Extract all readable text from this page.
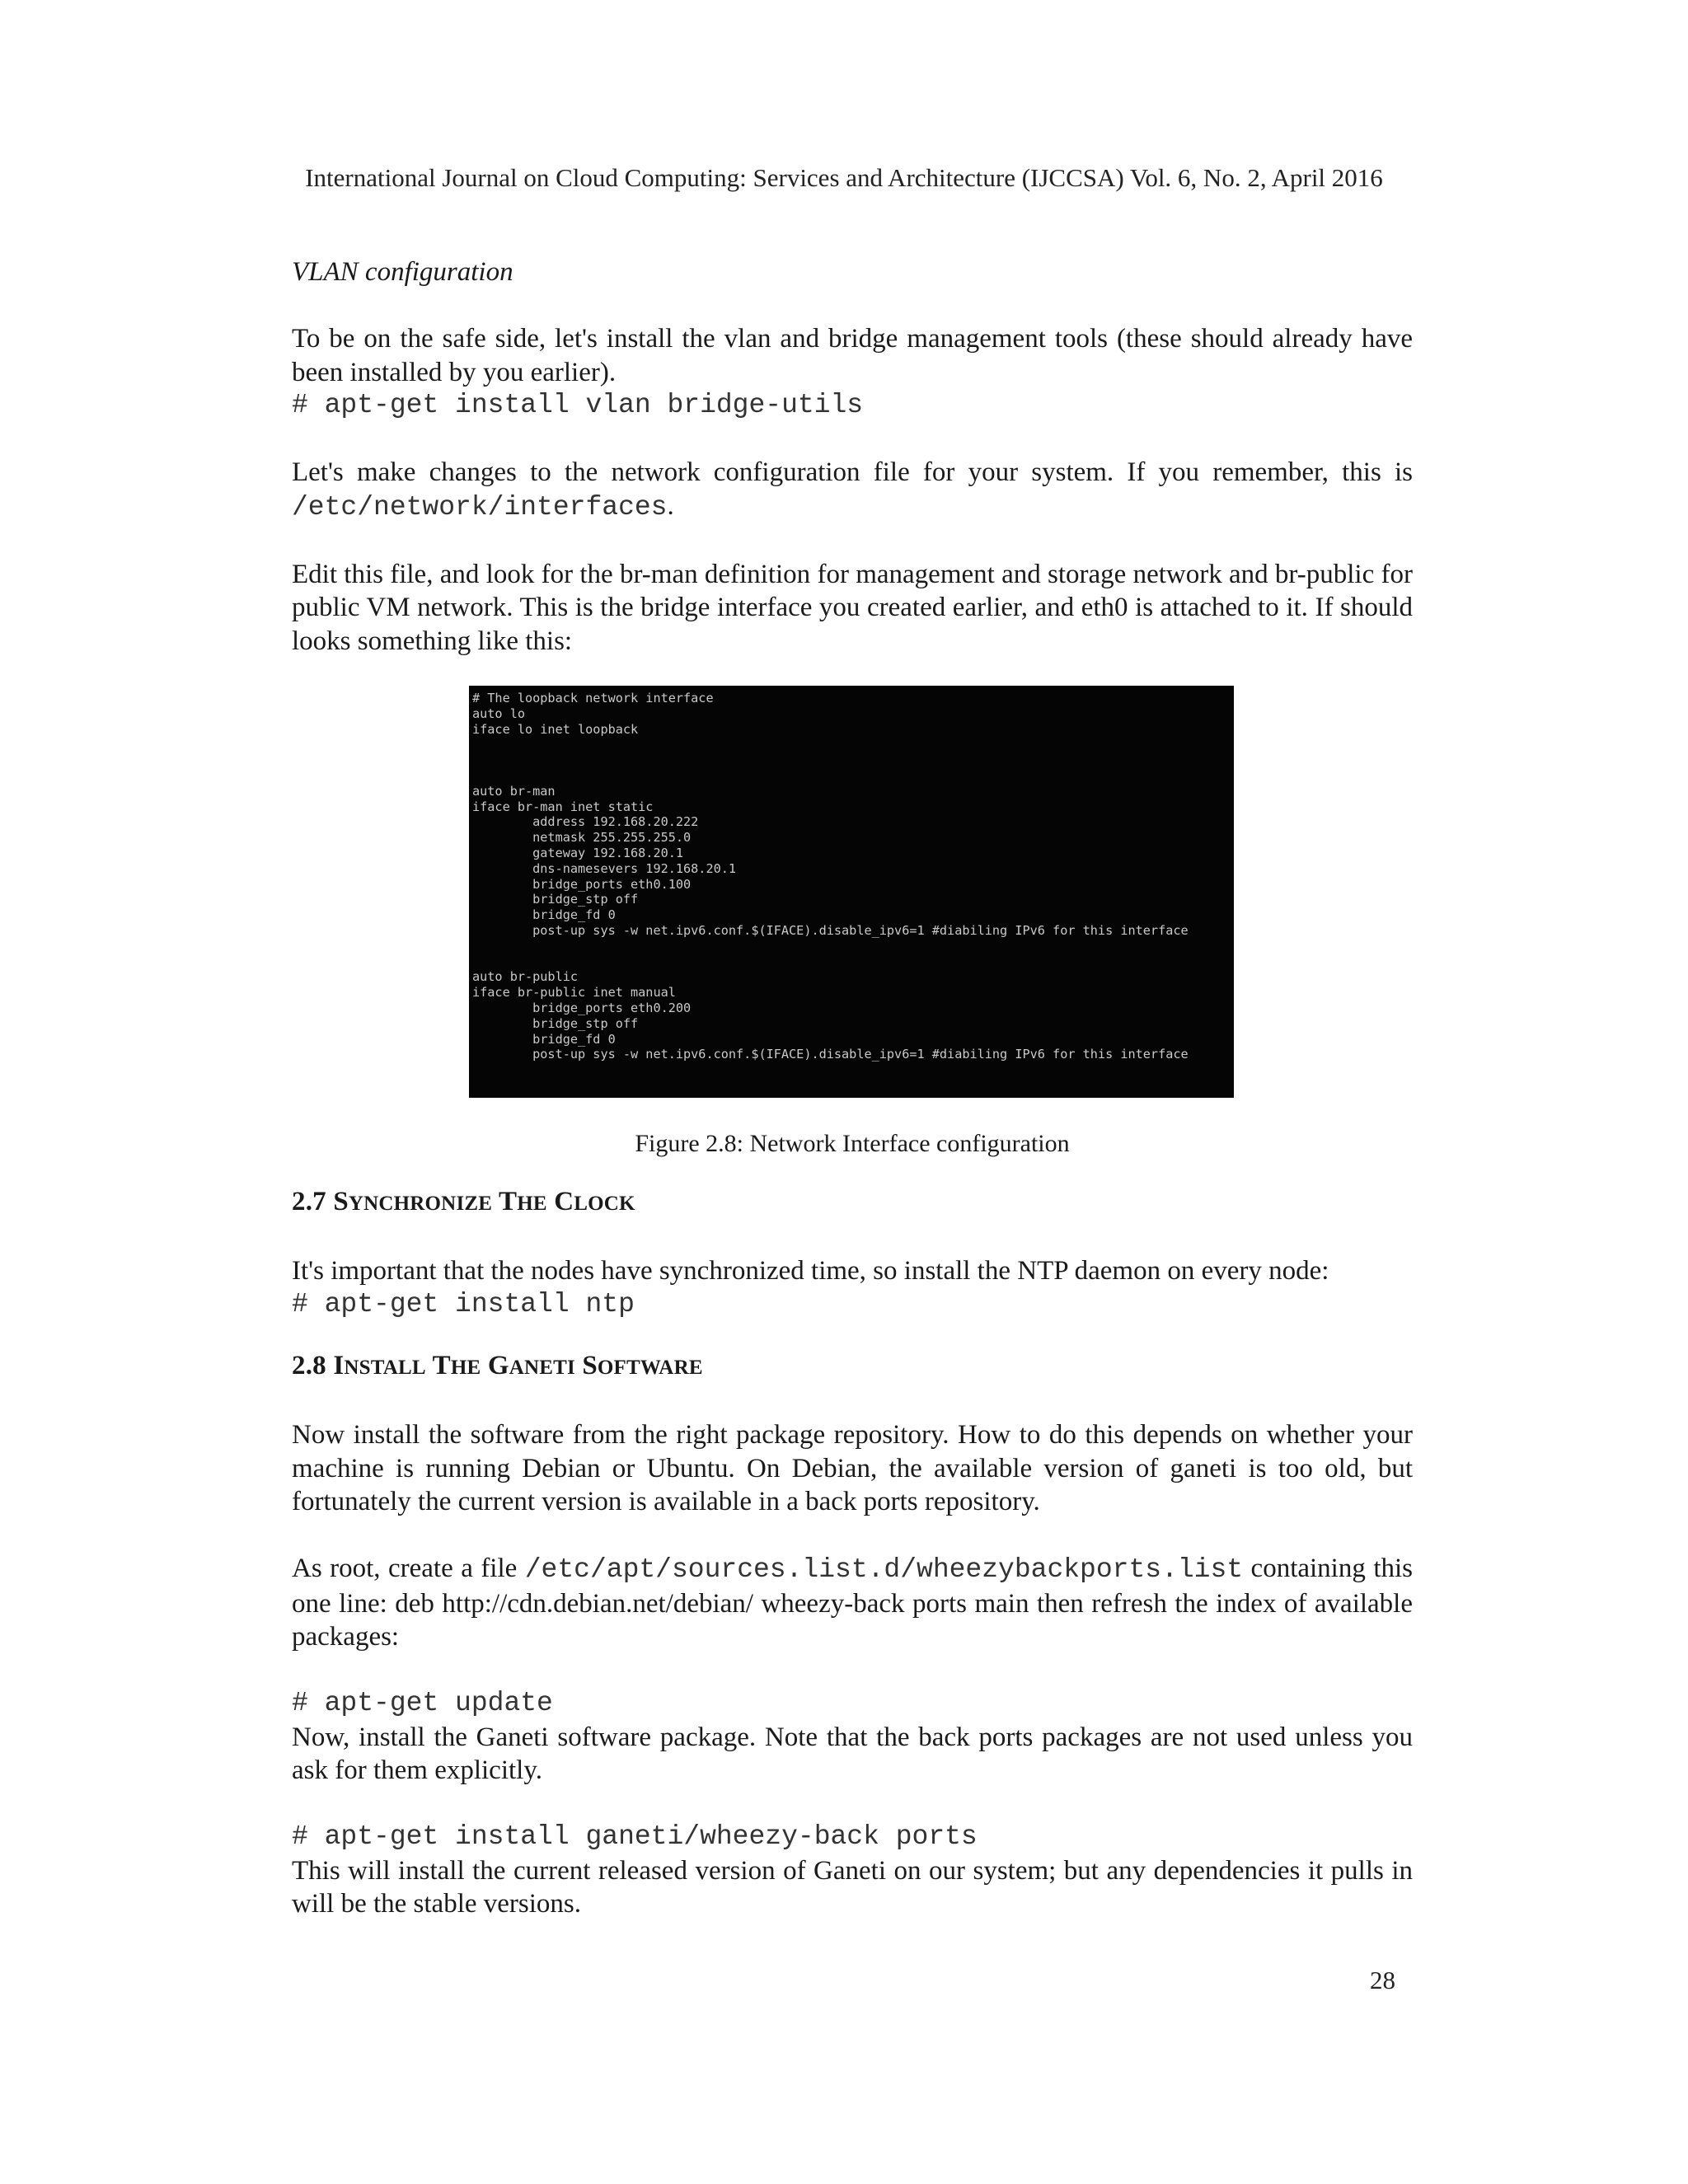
International Journal on Cloud Computing: Services and Architecture (IJCCSA) Vol. 6, No. 2, April 2016

VLAN configuration

To be on the safe side, let's install the vlan and bridge management tools (these should already have been installed by you earlier).

# apt-get install vlan bridge-utils

Let's make changes to the network configuration file for your system. If you remember, this is /etc/network/interfaces.

Edit this file, and look for the br-man definition for management and storage network and br-public for public VM network. This is the bridge interface you created earlier, and eth0 is attached to it. If should looks something like this:

# The loopback network interface
auto lo
iface lo inet loopback
auto br-man
iface br-man inet static
address 192.168.20.222
netmask 255.255.255.0
gateway 192.168.20.1
dns-namesevers 192.168.20.1
bridge_ports eth0.100
bridge_stp off
bridge_fd 0
post-up sys -w net.ipv6.conf.$(IFACE).disable_ipv6=1 #diabiling IPv6 for this interface
auto br-public
iface br-public inet manual
bridge_ports eth0.200
bridge_stp off
bridge_fd 0
post-up sys -w net.ipv6.conf.$(IFACE).disable_ipv6=1 #diabiling IPv6 for this interface

Figure 2.8: Network Interface configuration

2.7 SYNCHRONIZE THE CLOCK

It's important that the nodes have synchronized time, so install the NTP daemon on every node:

# apt-get install ntp

2.8 INSTALL THE GANETI SOFTWARE

Now install the software from the right package repository. How to do this depends on whether your machine is running Debian or Ubuntu. On Debian, the available version of ganeti is too old, but fortunately the current version is available in a back ports repository.

As root, create a file /etc/apt/sources.list.d/wheezybackports.list containing this one line: deb http://cdn.debian.net/debian/ wheezy-back ports main then refresh the index of available packages:

# apt-get update

Now, install the Ganeti software package. Note that the back ports packages are not used unless you ask for them explicitly.

# apt-get install ganeti/wheezy-back ports

This will install the current released version of Ganeti on our system; but any dependencies it pulls in will be the stable versions.

28
